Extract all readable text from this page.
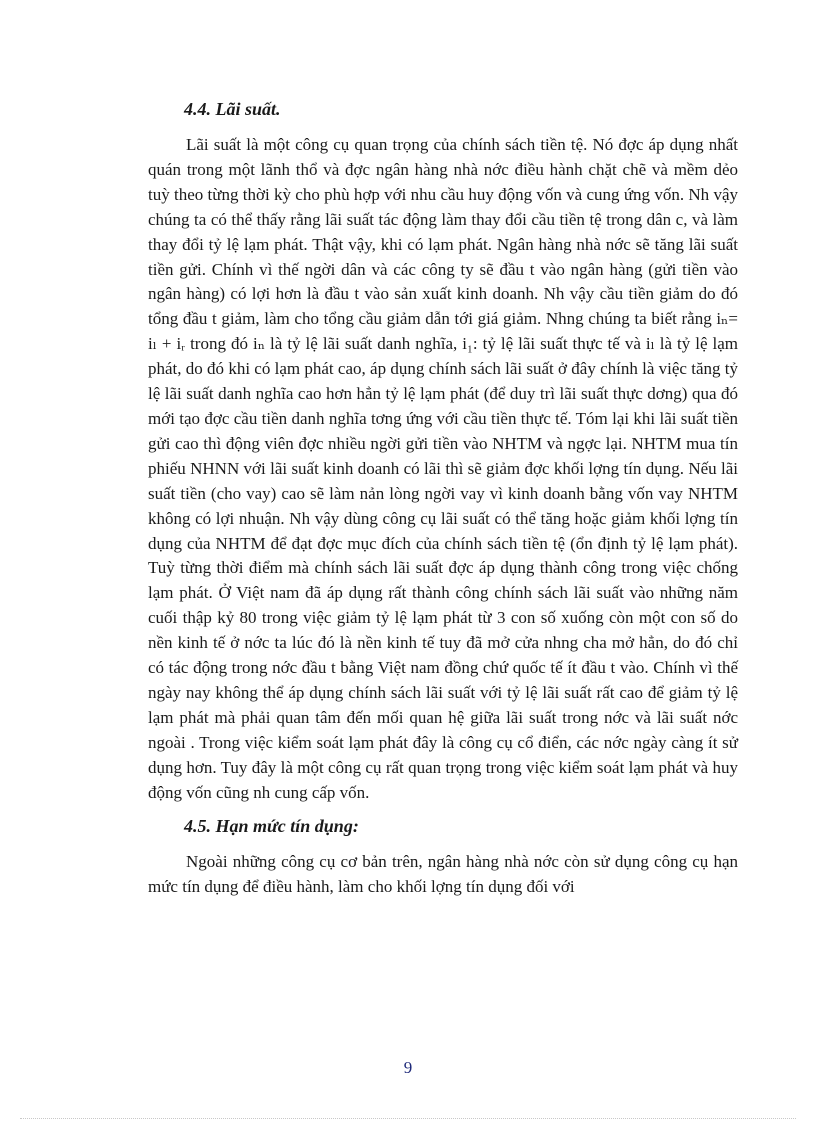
4.4. Lãi suất.

Lãi suất là một công cụ quan trọng của chính sách tiền tệ. Nó đợc áp dụng nhất quán trong một lãnh thổ và đợc ngân hàng nhà nớc điều hành chặt chẽ và mềm dẻo tuỳ theo từng thời kỳ cho phù hợp với nhu cầu huy động vốn và cung ứng vốn. Nh vậy chúng ta có thể thấy rằng lãi suất tác động làm thay đổi cầu tiền tệ trong dân c, và làm thay đổi tỷ lệ lạm phát. Thật vậy, khi có lạm phát. Ngân hàng nhà nớc sẽ tăng lãi suất tiền gửi. Chính vì thế ngời dân và các công ty sẽ đầu t vào ngân hàng (gửi tiền vào ngân hàng) có lợi hơn là đầu t vào sản xuất kinh doanh. Nh vậy cầu tiền giảm do đó tổng đầu t giảm, làm cho tổng cầu giảm dẫn tới giá giảm. Nhng chúng ta biết rằng iₙ= iₗ + iᵣ trong đó iₙ là tỷ lệ lãi suất danh nghĩa, i₁: tỷ lệ lãi suất thực tế và iₗ là tỷ lệ lạm phát, do đó khi có lạm phát cao, áp dụng chính sách lãi suất ở đây chính là việc tăng tỷ lệ lãi suất danh nghĩa cao hơn hẳn tỷ lệ lạm phát (để duy trì lãi suất thực dơng) qua đó mới tạo đợc cầu tiền danh nghĩa tơng ứng với cầu tiền thực tế. Tóm lại khi lãi suất tiền gửi cao thì động viên đợc nhiều ngời gửi tiền vào NHTM và ngợc lại. NHTM mua tín phiếu NHNN với lãi suất kinh doanh có lãi thì sẽ giảm đợc khối lợng tín dụng. Nếu lãi suất tiền (cho vay) cao sẽ làm nản lòng ngời vay vì kinh doanh bằng vốn vay NHTM không có lợi nhuận. Nh vậy dùng công cụ lãi suất có thể tăng hoặc giảm khối lợng tín dụng của NHTM để đạt đợc mục đích của chính sách tiền tệ (ổn định tỷ lệ lạm phát). Tuỳ từng thời điểm mà chính sách lãi suất đợc áp dụng thành công trong việc chống lạm phát. Ở Việt nam đã áp dụng rất thành công chính sách lãi suất vào những năm cuối thập kỷ 80 trong việc giảm tỷ lệ lạm phát từ 3 con số xuống còn một con số do nền kinh tế ở nớc ta lúc đó là nền kinh tế tuy đã mở cửa nhng cha mở hẳn, do đó chỉ có tác động trong nớc đầu t bằng Việt nam đồng chứ quốc tế ít đầu t vào. Chính vì thế ngày nay không thể áp dụng chính sách lãi suất với tỷ lệ lãi suất rất cao để giảm tỷ lệ lạm phát mà phải quan tâm đến mối quan hệ giữa lãi suất trong nớc và lãi suất nớc ngoài . Trong việc kiểm soát lạm phát đây là công cụ cổ điển, các nớc ngày càng ít sử dụng hơn. Tuy đây là một công cụ rất quan trọng trong việc kiểm soát lạm phát và huy động vốn cũng nh cung cấp vốn.

4.5. Hạn mức tín dụng:

Ngoài những công cụ cơ bản trên, ngân hàng nhà nớc còn sử dụng công cụ hạn mức tín dụng để điều hành, làm cho khối lợng tín dụng đối với

9
